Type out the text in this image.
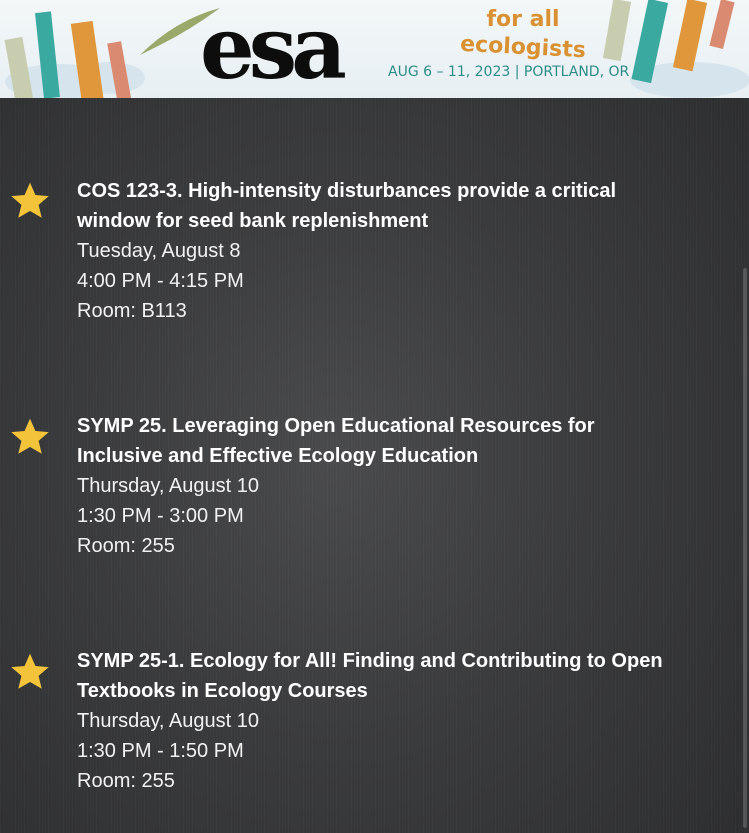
esa	for all
ecologists
AUG 6 – 11, 2023 | PORTLAND, OR

COS 123-3. High-intensity disturbances provide a critical

window for seed bank replenishment

Tuesday, August 8

4:00 PM - 4:15 PM

Room: B113

SYMP 25. Leveraging Open Educational Resources for

Inclusive and Effective Ecology Education

Thursday, August 10

1:30 PM - 3:00 PM

Room: 255

SYMP 25-1. Ecology for All! Finding and Contributing to Open

Textbooks in Ecology Courses

Thursday, August 10

1:30 PM - 1:50 PM

Room: 255
